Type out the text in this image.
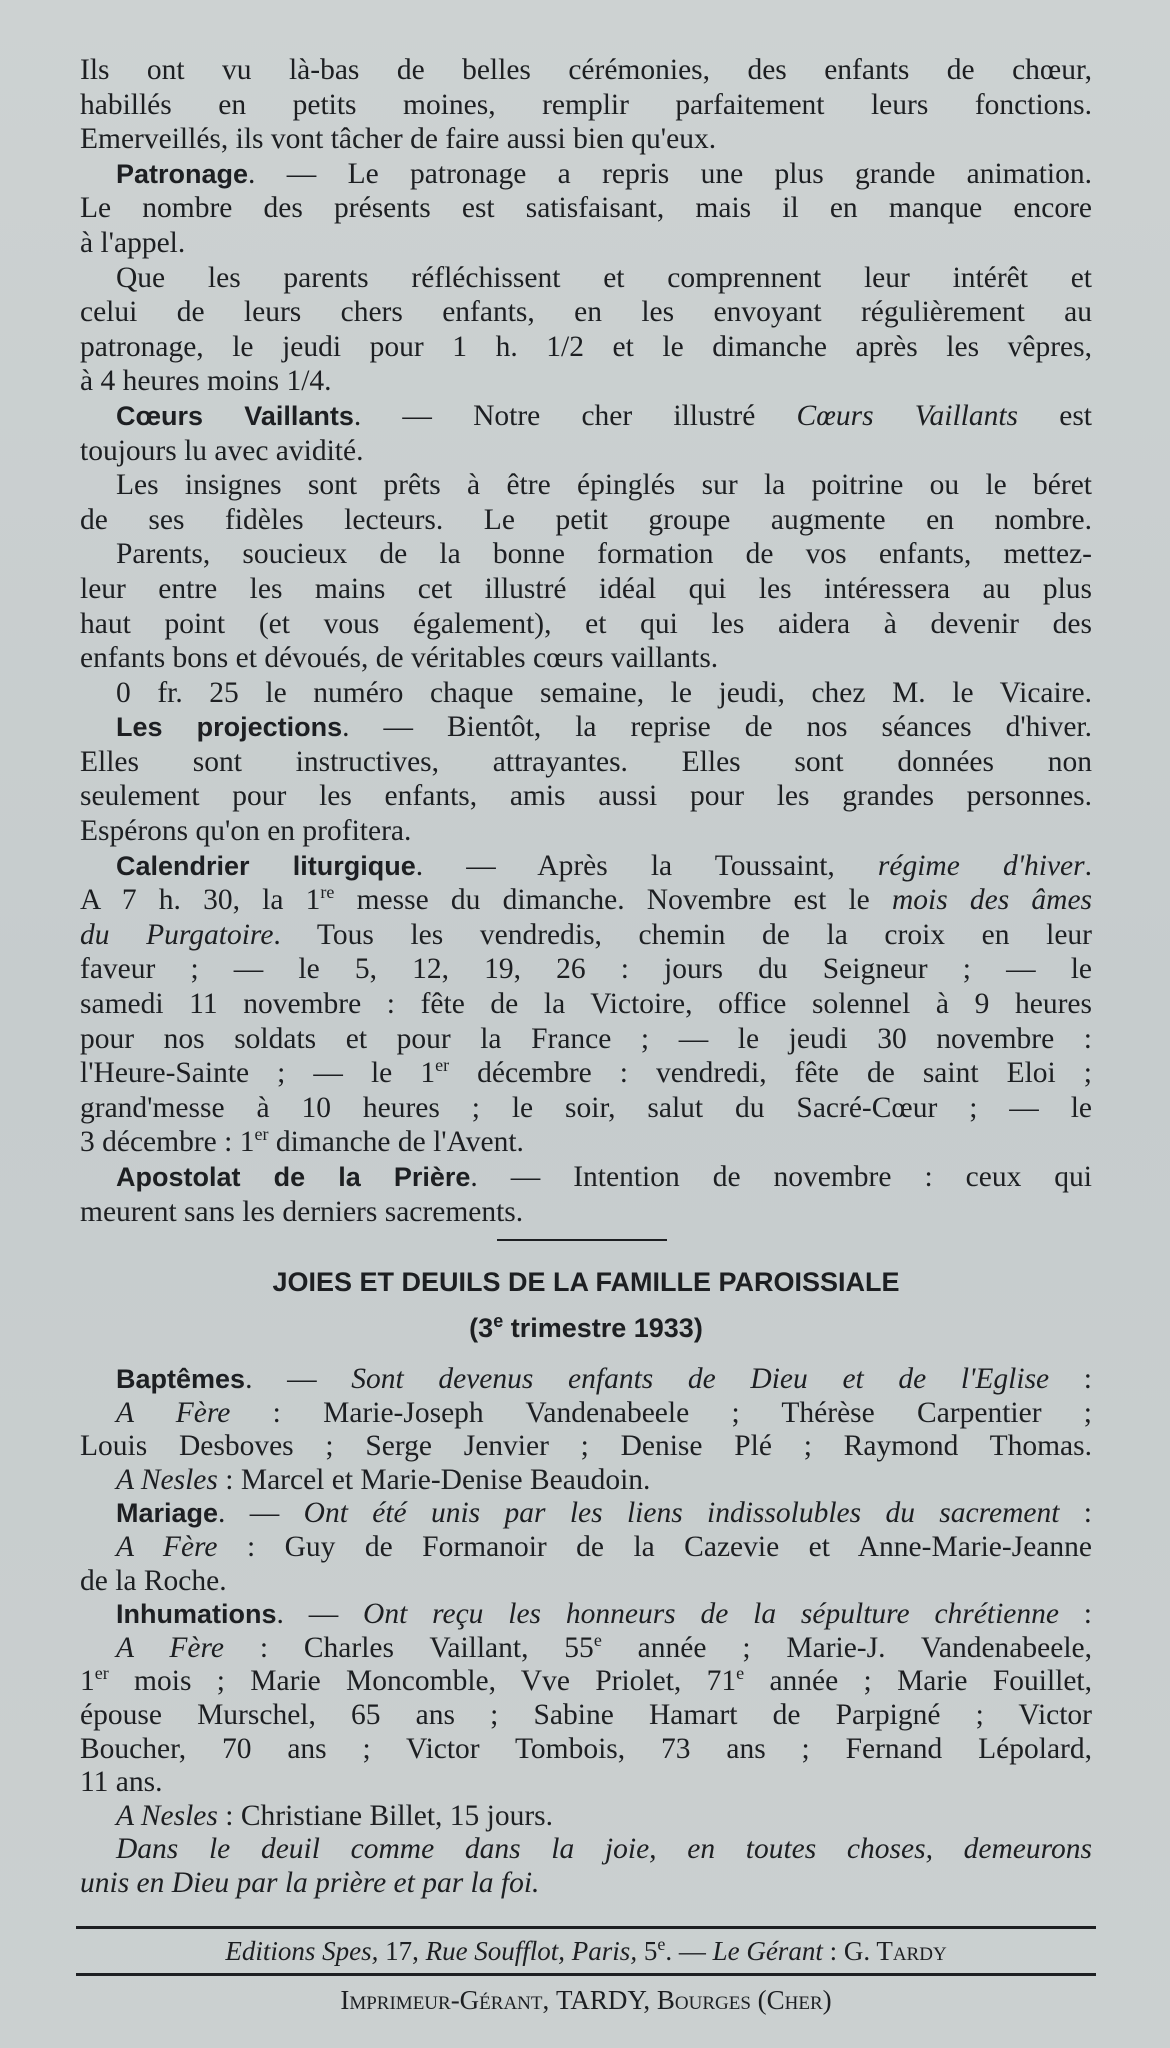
Ils ont vu là-bas de belles cérémonies, des enfants de chœur,
habillés en petits moines, remplir parfaitement leurs fonctions.
Emerveillés, ils vont tâcher de faire aussi bien qu'eux.
Patronage. — Le patronage a repris une plus grande animation.
Le nombre des présents est satisfaisant, mais il en manque encore
à l'appel.
Que les parents réfléchissent et comprennent leur intérêt et
celui de leurs chers enfants, en les envoyant régulièrement au
patronage, le jeudi pour 1 h. 1/2 et le dimanche après les vêpres,
à 4 heures moins 1/4.
Cœurs Vaillants. — Notre cher illustré Cœurs Vaillants est
toujours lu avec avidité.
Les insignes sont prêts à être épinglés sur la poitrine ou le béret
de ses fidèles lecteurs. Le petit groupe augmente en nombre.
Parents, soucieux de la bonne formation de vos enfants, mettez-
leur entre les mains cet illustré idéal qui les intéressera au plus
haut point (et vous également), et qui les aidera à devenir des
enfants bons et dévoués, de véritables cœurs vaillants.
0 fr. 25 le numéro chaque semaine, le jeudi, chez M. le Vicaire.
Les projections. — Bientôt, la reprise de nos séances d'hiver.
Elles sont instructives, attrayantes. Elles sont données non
seulement pour les enfants, amis aussi pour les grandes personnes.
Espérons qu'on en profitera.
Calendrier liturgique. — Après la Toussaint, régime d'hiver.
A 7 h. 30, la 1re messe du dimanche. Novembre est le mois des âmes
du Purgatoire. Tous les vendredis, chemin de la croix en leur
faveur ; — le 5, 12, 19, 26 : jours du Seigneur ; — le
samedi 11 novembre : fête de la Victoire, office solennel à 9 heures
pour nos soldats et pour la France ; — le jeudi 30 novembre :
l'Heure-Sainte ; — le 1er décembre : vendredi, fête de saint Eloi ;
grand'messe à 10 heures ; le soir, salut du Sacré-Cœur ; — le
3 décembre : 1er dimanche de l'Avent.
Apostolat de la Prière. — Intention de novembre : ceux qui
meurent sans les derniers sacrements.
JOIES ET DEUILS DE LA FAMILLE PAROISSIALE
(3e trimestre 1933)
Baptêmes. — Sont devenus enfants de Dieu et de l'Eglise :
A Fère : Marie-Joseph Vandenabeele ; Thérèse Carpentier ;
Louis Desboves ; Serge Jenvier ; Denise Plé ; Raymond Thomas.
A Nesles : Marcel et Marie-Denise Beaudoin.
Mariage. — Ont été unis par les liens indissolubles du sacrement :
A Fère : Guy de Formanoir de la Cazevie et Anne-Marie-Jeanne
de la Roche.
Inhumations. — Ont reçu les honneurs de la sépulture chrétienne :
A Fère : Charles Vaillant, 55e année ; Marie-J. Vandenabeele,
1er mois ; Marie Moncomble, Vve Priolet, 71e année ; Marie Fouillet,
épouse Murschel, 65 ans ; Sabine Hamart de Parpigné ; Victor
Boucher, 70 ans ; Victor Tombois, 73 ans ; Fernand Lépolard,
11 ans.
A Nesles : Christiane Billet, 15 jours.
Dans le deuil comme dans la joie, en toutes choses, demeurons
unis en Dieu par la prière et par la foi.
Editions Spes, 17, Rue Soufflot, Paris, 5e. — Le Gérant : G. Tardy
Imprimeur-Gérant, TARDY, Bourges (Cher)
